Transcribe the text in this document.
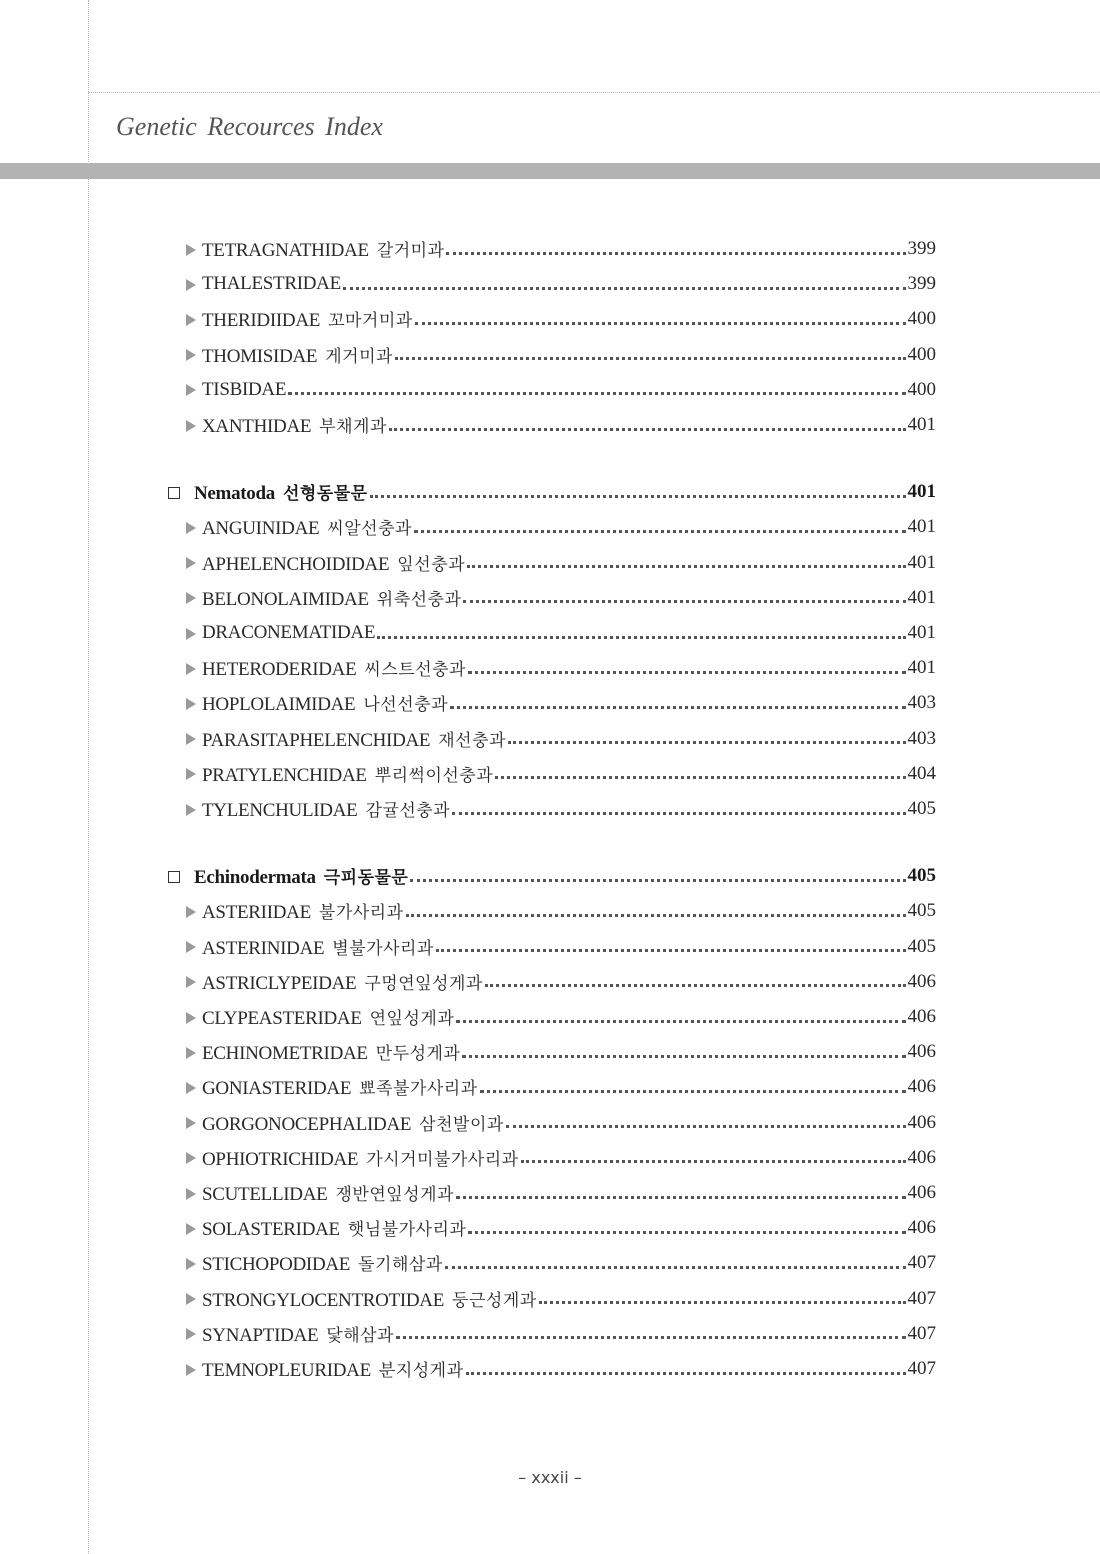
Genetic Recources Index
TETRAGNATHIDAE 갈거미과	399
THALESTRIDAE	399
THERIDIIDAE 꼬마거미과	400
THOMISIDAE 게거미과	400
TISBIDAE	400
XANTHIDAE 부채게과	401
Nematoda 선형동물문	401
ANGUINIDAE 씨알선충과	401
APHELENCHOIDIDAE 잎선충과	401
BELONOLAIMIDAE 위축선충과	401
DRACONEMATIDAE	401
HETERODERIDAE 씨스트선충과	401
HOPLOLAIMIDAE 나선선충과	403
PARASITAPHELENCHIDAE 재선충과	403
PRATYLENCHIDAE 뿌리썩이선충과	404
TYLENCHULIDAE 감귤선충과	405
Echinodermata 극피동물문	405
ASTERIIDAE 불가사리과	405
ASTERINIDAE 별불가사리과	405
ASTRICLYPEIDAE 구멍연잎성게과	406
CLYPEASTERIDAE 연잎성게과	406
ECHINOMETRIDAE 만두성게과	406
GONIASTERIDAE 뾰족불가사리과	406
GORGONOCEPHALIDAE 삼천발이과	406
OPHIOTRICHIDAE 가시거미불가사리과	406
SCUTELLIDAE 쟁반연잎성게과	406
SOLASTERIDAE 햇님불가사리과	406
STICHOPODIDAE 돌기해삼과	407
STRONGYLOCENTROTIDAE 둥근성게과	407
SYNAPTIDAE 닻해삼과	407
TEMNOPLEURIDAE 분지성게과	407
– xxxii –
